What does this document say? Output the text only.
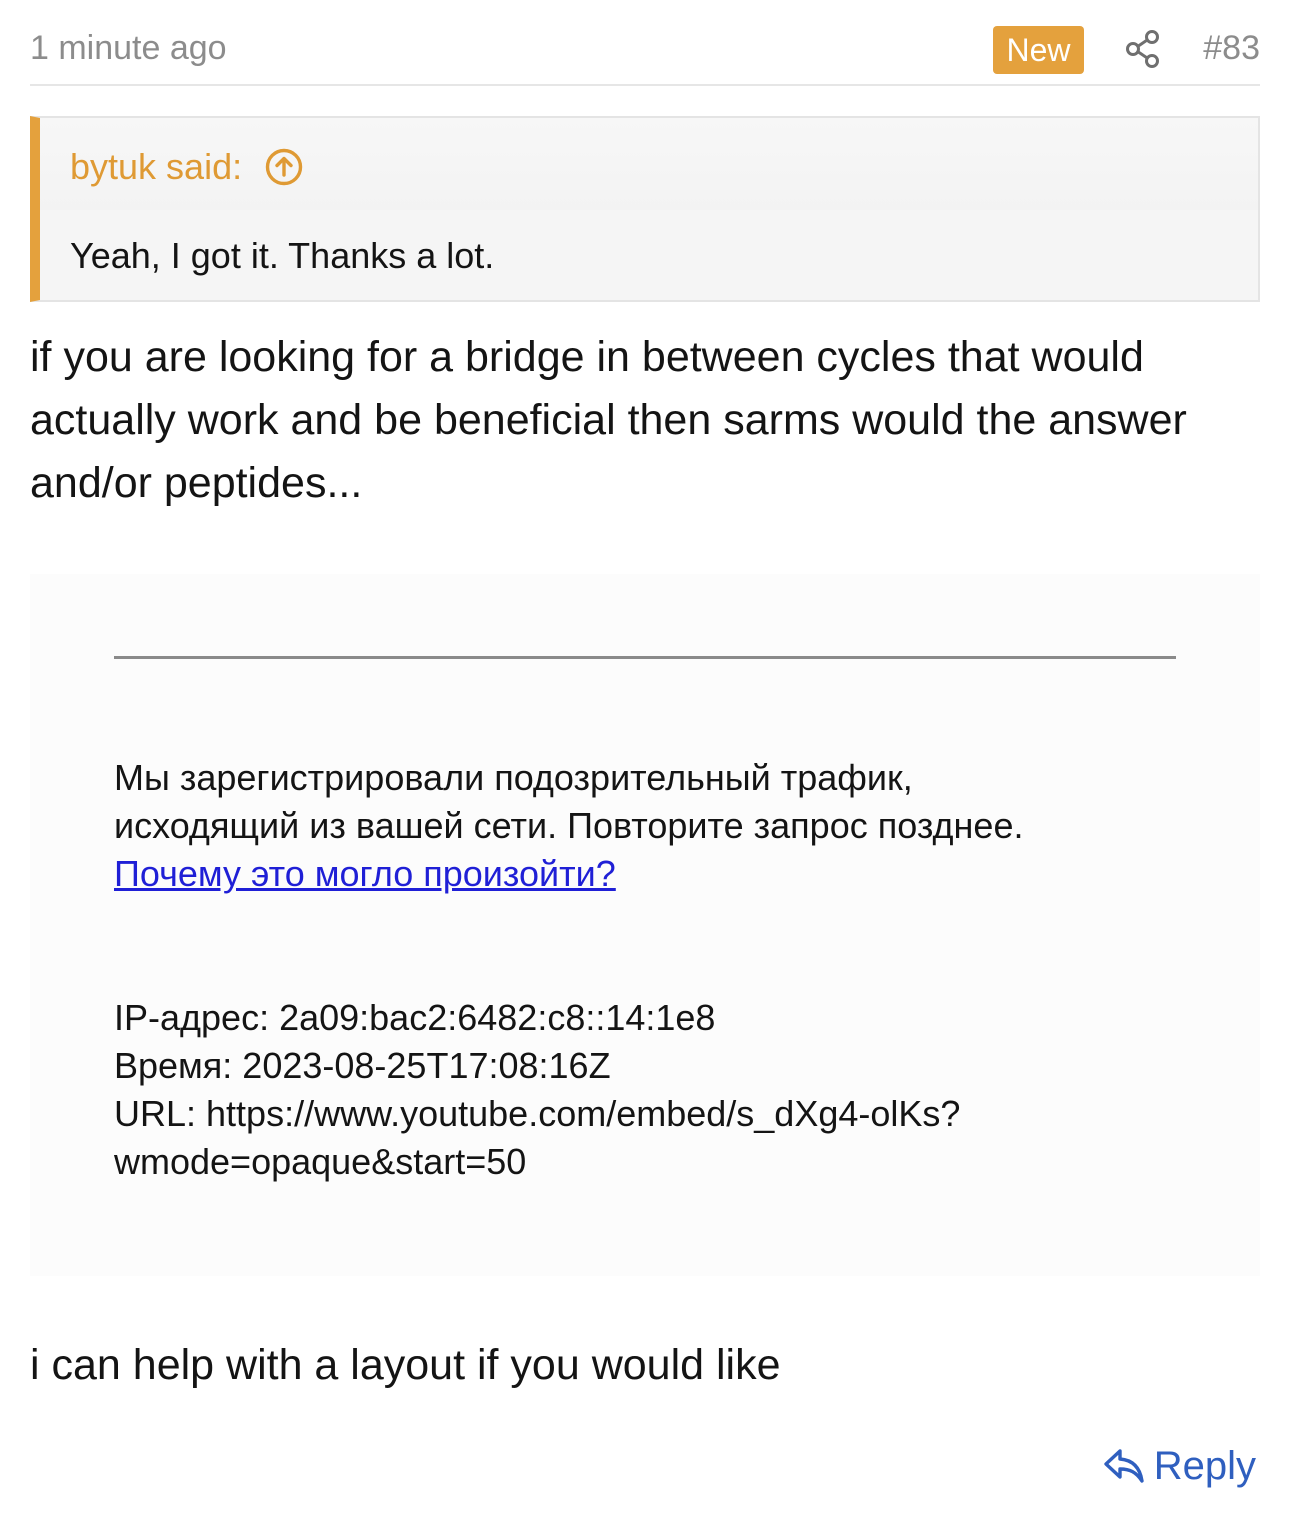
1 minute ago	New	#83
bytuk said:
Yeah, I got it. Thanks a lot.
if you are looking for a bridge in between cycles that would
actually work and be beneficial then sarms would the answer
and/or peptides...
Мы зарегистрировали подозрительный трафик,
исходящий из вашей сети. Повторите запрос позднее.
Почему это могло произойти?
IP-адрес: 2a09:bac2:6482:c8::14:1e8
Время: 2023-08-25T17:08:16Z
URL: https://www.youtube.com/embed/s_dXg4-olKs?
wmode=opaque&start=50
i can help with a layout if you would like
Reply
